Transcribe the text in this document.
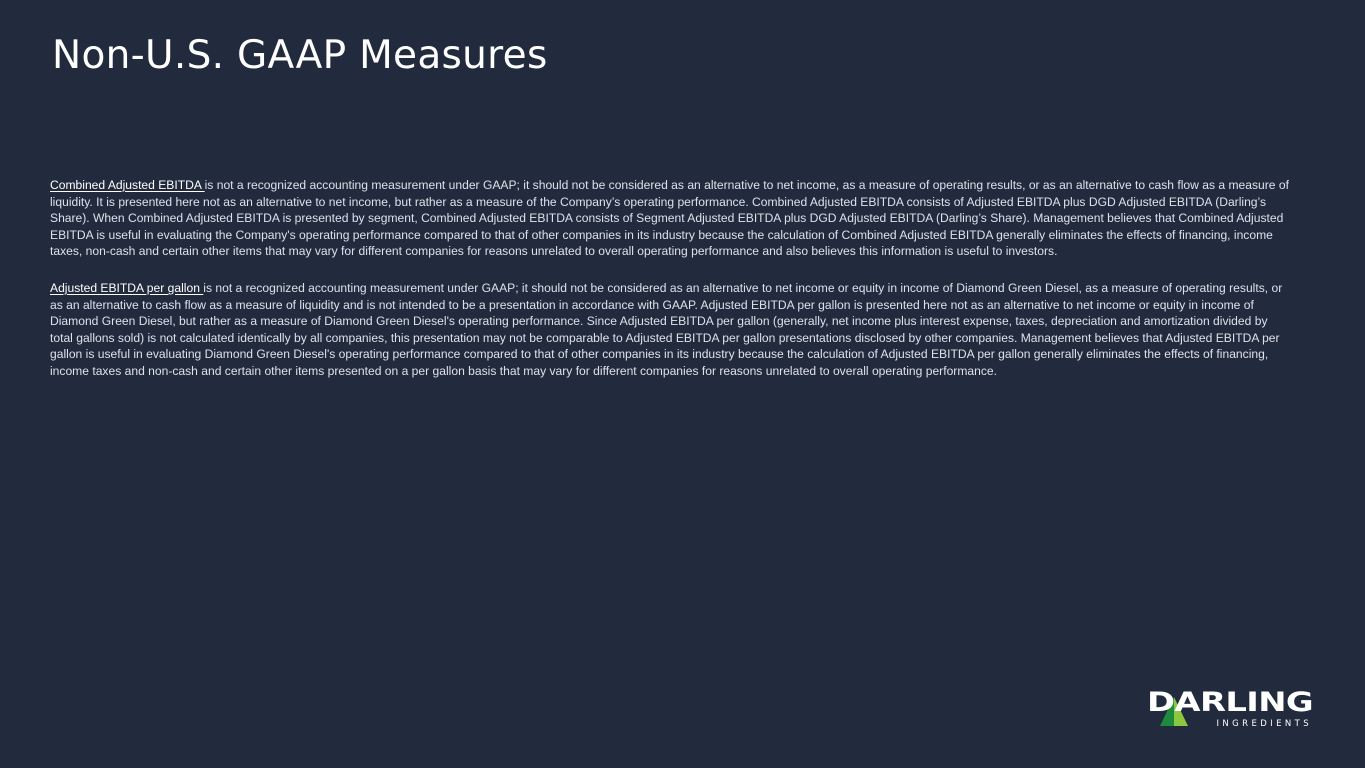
Non-U.S. GAAP Measures

Combined Adjusted EBITDA is not a recognized accounting measurement under GAAP; it should not be considered as an alternative to net income, as a measure of operating results, or as an alternative to cash flow as a measure of liquidity. It is presented here not as an alternative to net income, but rather as a measure of the Company’s operating performance. Combined Adjusted EBITDA consists of Adjusted EBITDA plus DGD Adjusted EBITDA (Darling’s Share). When Combined Adjusted EBITDA is presented by segment, Combined Adjusted EBITDA consists of Segment Adjusted EBITDA plus DGD Adjusted EBITDA (Darling’s Share). Management believes that Combined Adjusted EBITDA is useful in evaluating the Company's operating performance compared to that of other companies in its industry because the calculation of Combined Adjusted EBITDA generally eliminates the effects of financing, income taxes, non-cash and certain other items that may vary for different companies for reasons unrelated to overall operating performance and also believes this information is useful to investors.

Adjusted EBITDA per gallon is not a recognized accounting measurement under GAAP; it should not be considered as an alternative to net income or equity in income of Diamond Green Diesel, as a measure of operating results, or as an alternative to cash flow as a measure of liquidity and is not intended to be a presentation in accordance with GAAP. Adjusted EBITDA per gallon is presented here not as an alternative to net income or equity in income of Diamond Green Diesel, but rather as a measure of Diamond Green Diesel's operating performance. Since Adjusted EBITDA per gallon (generally, net income plus interest expense, taxes, depreciation and amortization divided by total gallons sold) is not calculated identically by all companies, this presentation may not be comparable to Adjusted EBITDA per gallon presentations disclosed by other companies. Management believes that Adjusted EBITDA per gallon is useful in evaluating Diamond Green Diesel's operating performance compared to that of other companies in its industry because the calculation of Adjusted EBITDA per gallon generally eliminates the effects of financing, income taxes and non-cash and certain other items presented on a per gallon basis that may vary for different companies for reasons unrelated to overall operating performance.

DARLING
INGREDIENTS
